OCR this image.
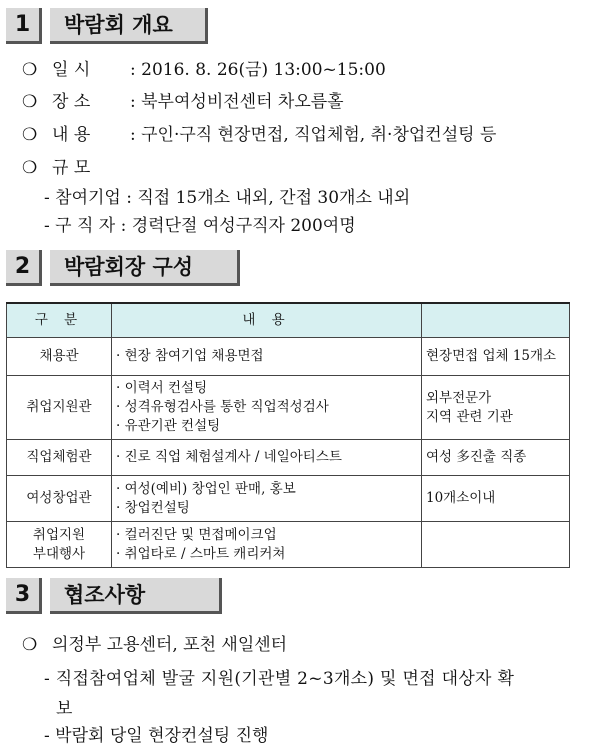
1	박람회 개요
❍ 일 시 : 2016. 8. 26(금) 13:00~15:00
❍ 장 소 : 북부여성비전센터 차오름홀
❍ 내 용 : 구인·구직 현장면접, 직업체험, 취·창업컨설팅 등
❍ 규 모
- 참여기업 : 직접 15개소 내외, 간접 30개소 내외
- 구 직 자 : 경력단절 여성구직자 200여명
2	박람회장 구성
구 분	내 용	

채용관	· 현장 참여기업 채용면접	현장면접 업체 15개소

취업지원관	· 이력서 컨설팅
· 성격유형검사를 통한 직업적성검사
· 유관기관 컨설팅	외부전문가
지역 관련 기관

직업체험관	· 진로 직업 체험설계사 / 네일아티스트	여성 多진출 직종

여성창업관	· 여성(예비) 창업인 판매, 홍보
· 창업컨설팅	10개소이내

취업지원
부대행사	· 컬러진단 및 면접메이크업
· 취업타로 / 스마트 캐리커쳐	

3	협조사항
❍ 의정부 고용센터, 포천 새일센터
- 직접참여업체 발굴 지원(기관별 2~3개소) 및 면접 대상자 확
보
- 박람회 당일 현장컨설팅 진행
